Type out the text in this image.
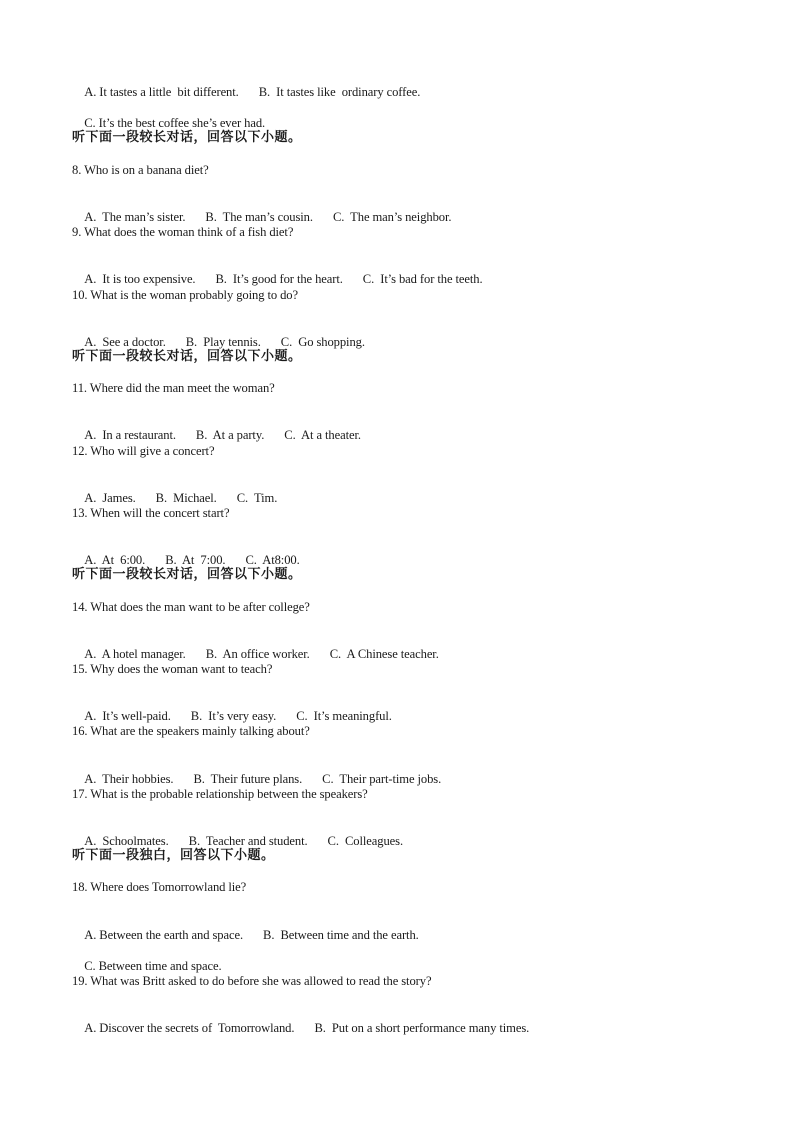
A. It tastes a little  bit different. B.  It tastes like  ordinary coffee.

C. It’s the best coffee she’s ever had.

听下面一段较长对话，回答以下小题。
8. Who is on a banana diet?

A.  The man’s sister. B.  The man’s cousin. C.  The man’s neighbor.

9. What does the woman think of a fish diet?

A.  It is too expensive. B.  It’s good for the heart. C.  It’s bad for the teeth.

10. What is the woman probably going to do?

A.  See a doctor. B.  Play tennis. C.  Go shopping.

听下面一段较长对话，回答以下小题。
11. Where did the man meet the woman?

A.  In a restaurant. B.  At a party. C.  At a theater.

12. Who will give a concert?

A.  James. B.  Michael. C.  Tim.

13. When will the concert start?

A.  At  6:00. B.  At  7:00. C.  At8:00.

听下面一段较长对话，回答以下小题。
14. What does the man want to be after college?

A.  A hotel manager. B.  An office worker. C.  A Chinese teacher.

15. Why does the woman want to teach?

A.  It’s well-paid. B.  It’s very easy. C.  It’s meaningful.

16. What are the speakers mainly talking about?

A.  Their hobbies. B.  Their future plans. C.  Their part-time jobs.

17. What is the probable relationship between the speakers?

A.  Schoolmates. B.  Teacher and student. C.  Colleagues.

听下面一段独白，回答以下小题。
18. Where does Tomorrowland lie?

A. Between the earth and space. B.  Between time and the earth.

C. Between time and space.

19. What was Britt asked to do before she was allowed to read the story?

A. Discover the secrets of  Tomorrowland. B.  Put on a short performance many times.
